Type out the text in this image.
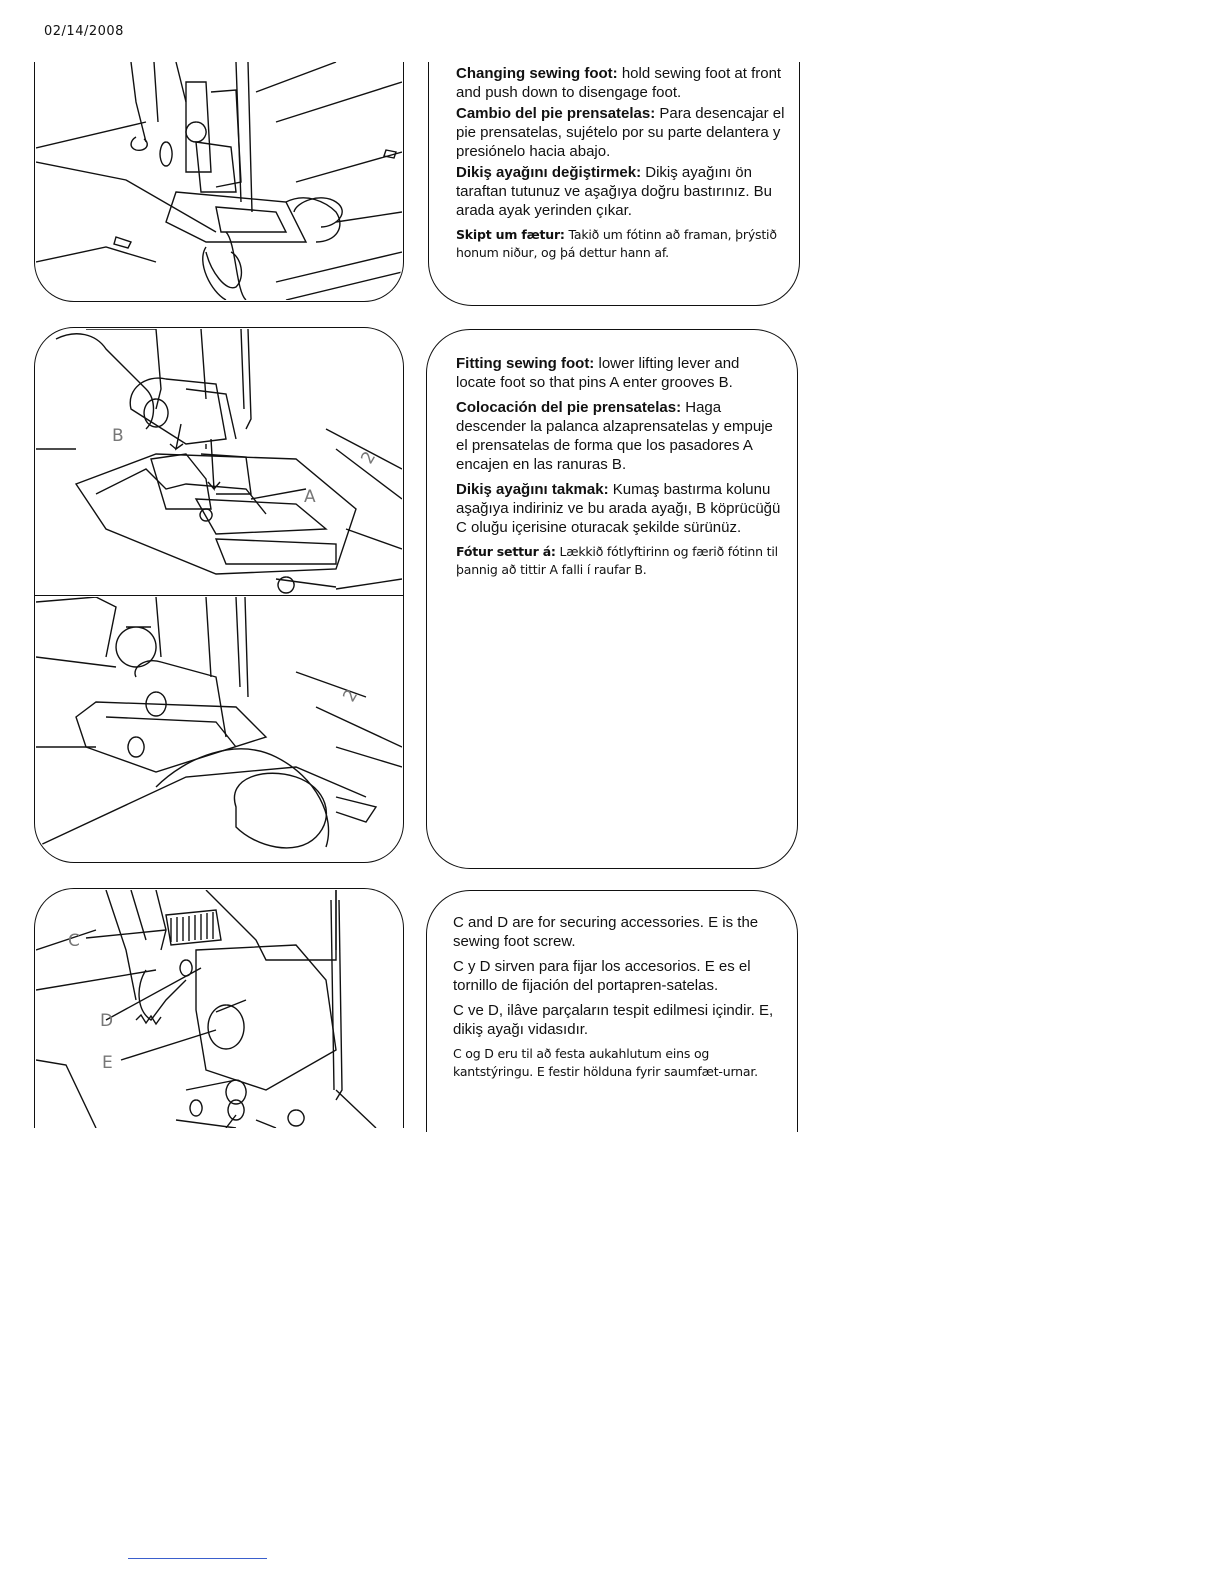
02/14/2008

Changing sewing foot: hold sewing foot at front and push down to disengage foot.

Cambio del pie prensatelas: Para desencajar el pie prensatelas, sujételo por su parte delantera y presiónelo hacia abajo.

Dikiş ayağını değiştirmek: Dikiş ayağını ön taraftan tutunuz ve aşağıya doğru bastırınız. Bu arada ayak yerinden çıkar.

Skipt um fætur: Takið um fótinn að framan, þrýstið honum niður, og þá dettur hann af.

B
A
2
2

Fitting sewing foot: lower lifting lever and locate foot so that pins A enter grooves B.

Colocación del pie prensatelas: Haga descender la palanca alzaprensatelas y empuje el prensatelas de forma que los pasadores A encajen en las ranuras B.

Dikiş ayağını takmak: Kumaş bastırma kolunu aşağıya indiriniz ve bu arada ayağı, B köprücüğü C oluğu içerisine oturacak şekilde sürünüz.

Fótur settur á: Lækkið fótlyftirinn og færið fótinn til þannig að tittir A falli í raufar B.

C
D
E

C and D are for securing accessories. E is the sewing foot screw.

C y D sirven para fijar los accesorios. E es el tornillo de fijación del portapren-satelas.

C ve D, ilâve parçaların tespit edilmesi içindir. E, dikiş ayağı vidasıdır.

C og D eru til að festa aukahlutum eins og kantstýringu. E festir hölduna fyrir saumfæt-urnar.
